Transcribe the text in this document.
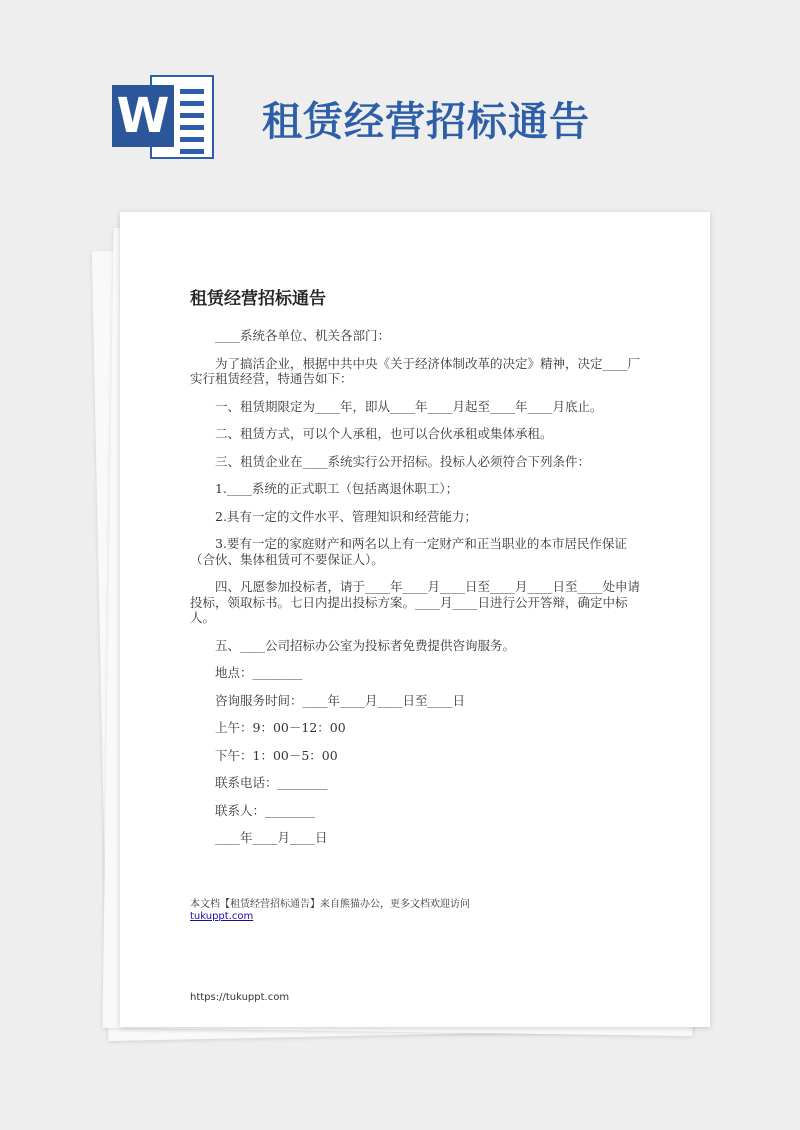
W 租赁经营招标通告
租赁经营招标通告

____系统各单位、机关各部门：

为了搞活企业，根据中共中央《关于经济体制改革的决定》精神，决定____厂实行租赁经营，特通告如下：

一、租赁期限定为____年，即从____年____月起至____年____月底止。

二、租赁方式，可以个人承租，也可以合伙承租或集体承租。

三、租赁企业在____系统实行公开招标。投标人必须符合下列条件：

1.____系统的正式职工（包括离退休职工）；

2.具有一定的文件水平、管理知识和经营能力；

3.要有一定的家庭财产和两名以上有一定财产和正当职业的本市居民作保证（合伙、集体租赁可不要保证人）。

四、凡愿参加投标者，请于____年____月____日至____月____日至____处申请投标，领取标书。七日内提出投标方案。____月____日进行公开答辩，确定中标人。

五、____公司招标办公室为投标者免费提供咨询服务。

地点：________

咨询服务时间：____年____月____日至____日

上午：9：00－12：00

下午：1：00－5：00

联系电话：________

联系人：________

____年____月____日

本文档【租赁经营招标通告】来自熊猫办公，更多文档欢迎访问
tukuppt.com
https://tukuppt.com
